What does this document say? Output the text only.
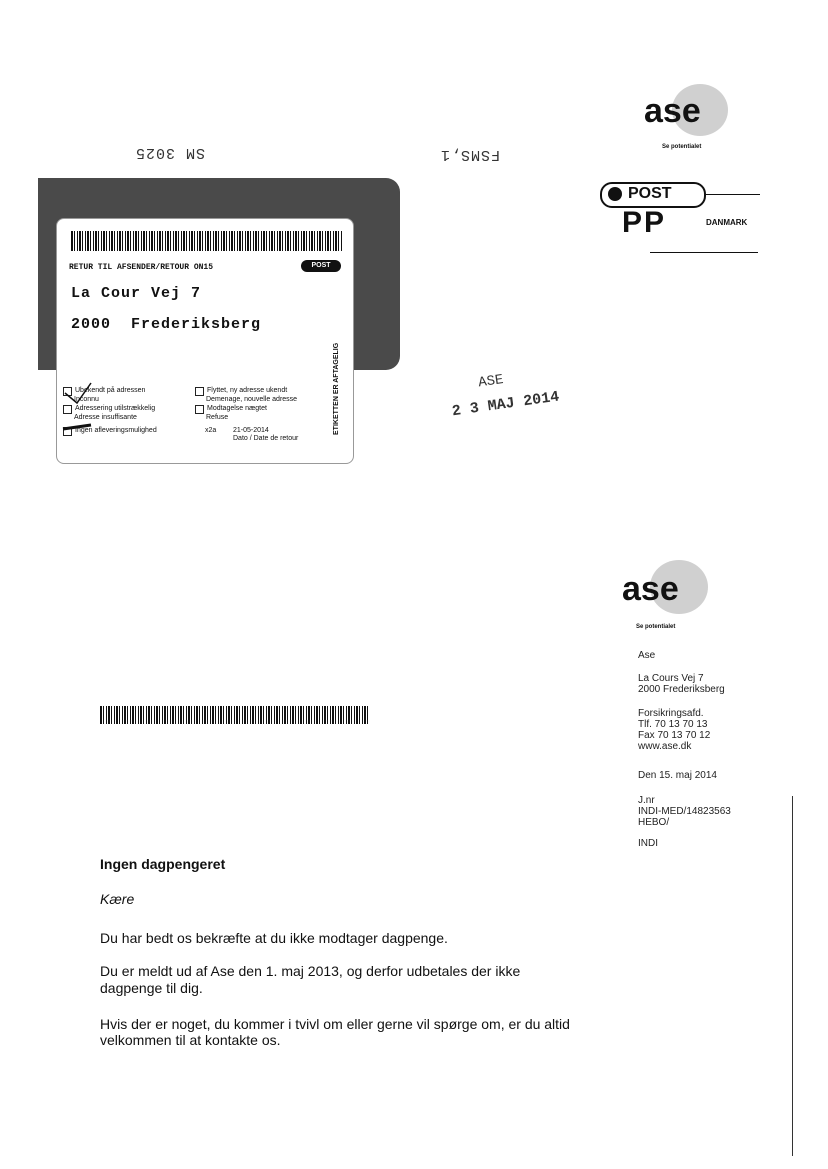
SM 3025	FSMS,1
ase
Se potentialet
POST
PP	DANMARK
RETUR TIL AFSENDER/RETOUR ON15	POST
La Cour Vej 7
2000  Frederiksberg
ETIKETTEN ER AFTAGELIG
Ubekendt på adressen
Inconnu
Adressering utilstrækkelig
Adresse insuffisante
Ingen afleveringsmulighed
Flyttet, ny adresse ukendt
Demenage, nouvelle adresse
Modtagelse nægtet
Refuse
x2a 21-05-2014
Dato / Date de retour
ASE
2 3 MAJ 2014
ase
Se potentialet
Ase
La Cours Vej 7
2000 Frederiksberg
Forsikringsafd.
Tlf. 70 13 70 13
Fax 70 13 70 12
www.ase.dk
Den 15. maj 2014
J.nr
INDI-MED/14823563
HEBO/
INDI
Ingen dagpengeret
Kære
Du har bedt os bekræfte at du ikke modtager dagpenge.
Du er meldt ud af Ase den 1. maj 2013, og derfor udbetales der ikke
dagpenge til dig.
Hvis der er noget, du kommer i tvivl om eller gerne vil spørge om, er du altid
velkommen til at kontakte os.
